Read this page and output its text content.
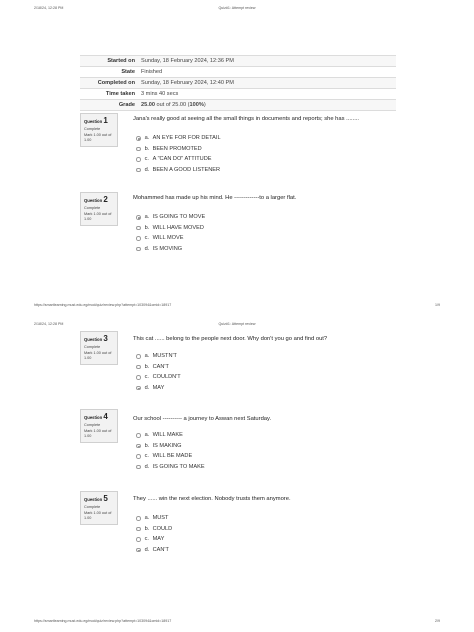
2/18/24, 12:28 PM	Quiz#1: Attempt review
Started on	Sunday, 18 February 2024, 12:36 PM
State	Finished
Completed on	Sunday, 18 February 2024, 12:40 PM
Time taken	3 mins 40 secs
Grade	25.00 out of 25.00 (100%)
Question 1
Complete
Mark 1.00 out of 1.00
Jana's really good at seeing all the small things in documents and reports; she has ........
a. AN EYE FOR FOR DETAIL
b. BEEN PROMOTED
c. A "CAN DO" ATTITUDE
d. BEEN A GOOD LISTENER
Question 2
Complete
Mark 1.00 out of 1.00
Mohammed has made up his mind. He -------------to a larger flat.
a. IS GOING TO MOVE
b. WILL HAVE MOVED
c. WILL MOVE
d. IS MOVING
https://smartlearning.must.edu.eg/mod/quiz/review.php?attempt=103094&cmid=18917	1/9
2/18/24, 12:28 PM	Quiz#1: Attempt review
Question 3
Complete
Mark 1.00 out of 1.00
This cat ...... belong to the people next door. Why don't you go and find out?
a. MUSTN'T
b. CAN'T
c. COULDN'T
d. MAY
Question 4
Complete
Mark 1.00 out of 1.00
Our school ---------- a journey to Aswan next Saturday.
a. WILL MAKE
b. IS MAKING
c. WILL BE MADE
d. IS GOING TO MAKE
Question 5
Complete
Mark 1.00 out of 1.00
They ...... win the next election. Nobody trusts them anymore.
a. MUST
b. COULD
c. MAY
d. CAN'T
https://smartlearning.must.edu.eg/mod/quiz/review.php?attempt=103094&cmid=18917	2/9
